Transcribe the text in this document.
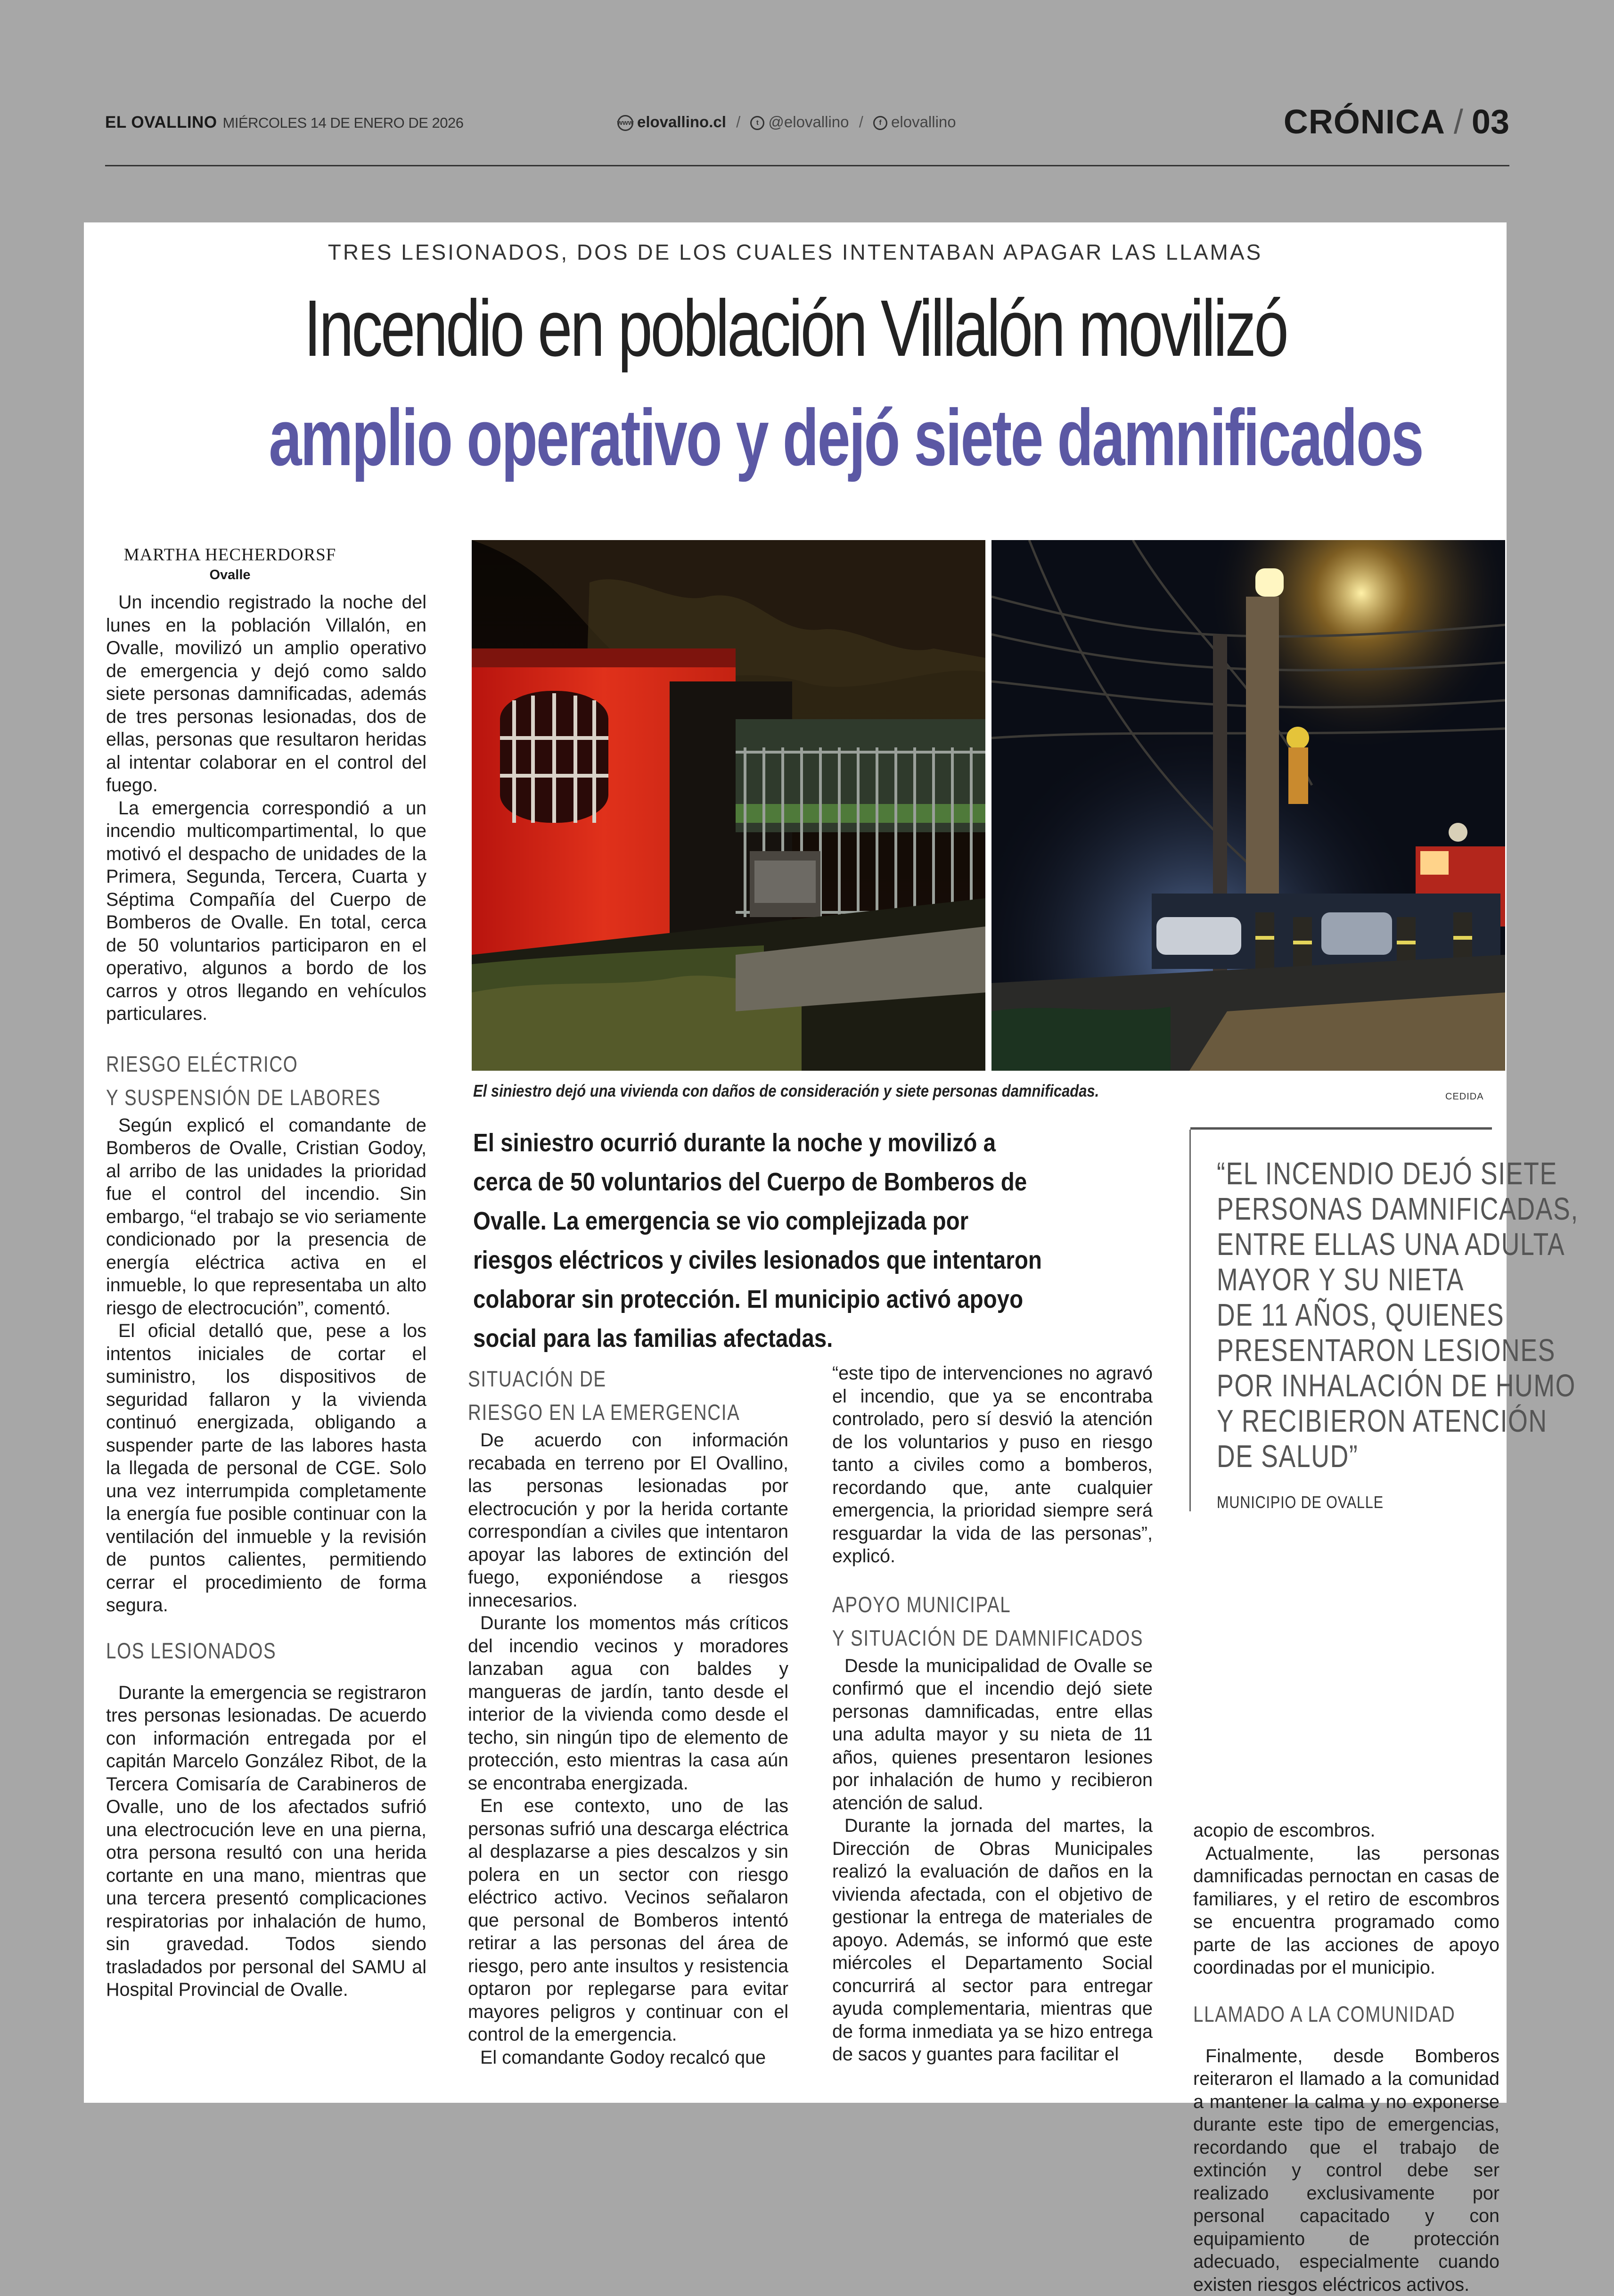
EL OVALLINO MIÉRCOLES 14 DE ENERO DE 2026	www elovallino.cl / t @elovallino / f elovallino	CRÓNICA / 03
TRES LESIONADOS, DOS DE LOS CUALES INTENTABAN APAGAR LAS LLAMAS
Incendio en población Villalón movilizó
amplio operativo y dejó siete damnificados
MARTHA HECHERDORSF
Ovalle

Un incendio registrado la noche del lunes en la población Villalón, en Ovalle, movilizó un amplio operativo de emergencia y dejó como saldo siete personas damnificadas, además de tres personas lesionadas, dos de ellas, personas que resultaron heridas al intentar colaborar en el control del fuego.

La emergencia correspondió a un incendio multicompartimental, lo que motivó el despacho de unidades de la Primera, Segunda, Tercera, Cuarta y Séptima Compañía del Cuerpo de Bomberos de Ovalle. En total, cerca de 50 voluntarios participaron en el operativo, algunos a bordo de los carros y otros llegando en vehículos particulares.

RIESGO ELÉCTRICO
Y SUSPENSIÓN DE LABORES

Según explicó el comandante de Bomberos de Ovalle, Cristian Godoy, al arribo de las unidades la prioridad fue el control del incendio. Sin embargo, “el trabajo se vio seriamente condicionado por la presencia de energía eléctrica activa en el inmueble, lo que representaba un alto riesgo de electrocución”, comentó.

El oficial detalló que, pese a los intentos iniciales de cortar el suministro, los dispositivos de seguridad fallaron y la vivienda continuó energizada, obligando a suspender parte de las labores hasta la llegada de personal de CGE. Solo una vez interrumpida completamente la energía fue posible continuar con la ventilación del inmueble y la revisión de puntos calientes, permitiendo cerrar el procedimiento de forma segura.

LOS LESIONADOS

Durante la emergencia se registraron tres personas lesionadas. De acuerdo con información entregada por el capitán Marcelo González Ribot, de la Tercera Comisaría de Carabineros de Ovalle, uno de los afectados sufrió una electrocución leve en una pierna, otra persona resultó con una herida cortante en una mano, mientras que una tercera presentó complicaciones respiratorias por inhalación de humo, sin gravedad. Todos siendo trasladados por personal del SAMU al Hospital Provincial de Ovalle.

El siniestro dejó una vivienda con daños de consideración y siete personas damnificadas.	CEDIDA
El siniestro ocurrió durante la noche y movilizó a cerca de 50 voluntarios del Cuerpo de Bomberos de Ovalle. La emergencia se vio complejizada por riesgos eléctricos y civiles lesionados que intentaron colaborar sin protección. El municipio activó apoyo social para las familias afectadas.
“EL INCENDIO DEJÓ SIETE
PERSONAS DAMNIFICADAS,
ENTRE ELLAS UNA ADULTA
MAYOR Y SU NIETA
DE 11 AÑOS, QUIENES
PRESENTARON LESIONES
POR INHALACIÓN DE HUMO
Y RECIBIERON ATENCIÓN
DE SALUD”
MUNICIPIO DE OVALLE
SITUACIÓN DE
RIESGO EN LA EMERGENCIA

De acuerdo con información recabada en terreno por El Ovallino, las personas lesionadas por electrocución y por la herida cortante correspondían a civiles que intentaron apoyar las labores de extinción del fuego, exponiéndose a riesgos innecesarios.

Durante los momentos más críticos del incendio vecinos y moradores lanzaban agua con baldes y mangueras de jardín, tanto desde el interior de la vivienda como desde el techo, sin ningún tipo de elemento de protección, esto mientras la casa aún se encontraba energizada.

En ese contexto, uno de las personas sufrió una descarga eléctrica al desplazarse a pies descalzos y sin polera en un sector con riesgo eléctrico activo. Vecinos señalaron que personal de Bomberos intentó retirar a las personas del área de riesgo, pero ante insultos y resistencia optaron por replegarse para evitar mayores peligros y continuar con el control de la emergencia.

El comandante Godoy recalcó que

“este tipo de intervenciones no agravó el incendio, que ya se encontraba controlado, pero sí desvió la atención de los voluntarios y puso en riesgo tanto a civiles como a bomberos, recordando que, ante cualquier emergencia, la prioridad siempre será resguardar la vida de las personas”, explicó.

APOYO MUNICIPAL
Y SITUACIÓN DE DAMNIFICADOS

Desde la municipalidad de Ovalle se confirmó que el incendio dejó siete personas damnificadas, entre ellas una adulta mayor y su nieta de 11 años, quienes presentaron lesiones por inhalación de humo y recibieron atención de salud.

Durante la jornada del martes, la Dirección de Obras Municipales realizó la evaluación de daños en la vivienda afectada, con el objetivo de gestionar la entrega de materiales de apoyo. Además, se informó que este miércoles el Departamento Social concurrirá al sector para entregar ayuda complementaria, mientras que de forma inmediata ya se hizo entrega de sacos y guantes para facilitar el

acopio de escombros.

Actualmente, las personas damnificadas pernoctan en casas de familiares, y el retiro de escombros se encuentra programado como parte de las acciones de apoyo coordinadas por el municipio.

LLAMADO A LA COMUNIDAD

Finalmente, desde Bomberos reiteraron el llamado a la comunidad a mantener la calma y no exponerse durante este tipo de emergencias, recordando que el trabajo de extinción y control debe ser realizado exclusivamente por personal capacitado y con equipamiento de protección adecuado, especialmente cuando existen riesgos eléctricos activos.
